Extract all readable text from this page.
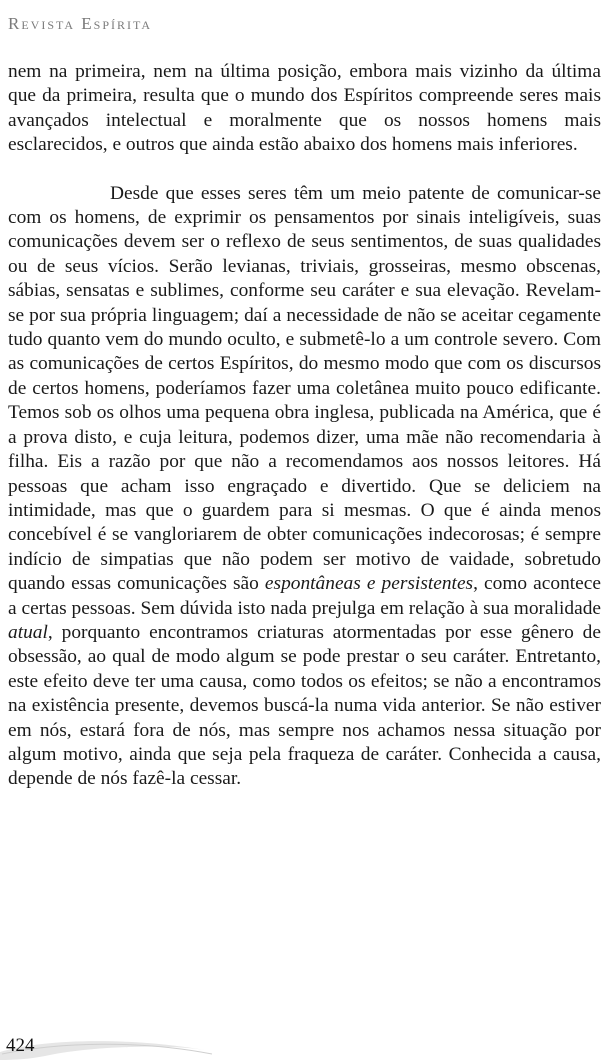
Revista Espírita

nem na primeira, nem na última posição, embora mais vizinho da última que da primeira, resulta que o mundo dos Espíritos compreende seres mais avançados intelectual e moralmente que os nossos homens mais esclarecidos, e outros que ainda estão abaixo dos homens mais inferiores.

Desde que esses seres têm um meio patente de comunicar-se com os homens, de exprimir os pensamentos por sinais inteligíveis, suas comunicações devem ser o reflexo de seus sentimentos, de suas qualidades ou de seus vícios. Serão levianas, triviais, grosseiras, mesmo obscenas, sábias, sensatas e sublimes, conforme seu caráter e sua elevação. Revelam-se por sua própria linguagem; daí a necessidade de não se aceitar cegamente tudo quanto vem do mundo oculto, e submetê-lo a um controle severo. Com as comunicações de certos Espíritos, do mesmo modo que com os discursos de certos homens, poderíamos fazer uma coletânea muito pouco edificante. Temos sob os olhos uma pequena obra inglesa, publicada na América, que é a prova disto, e cuja leitura, podemos dizer, uma mãe não recomendaria à filha. Eis a razão por que não a recomendamos aos nossos leitores. Há pessoas que acham isso engraçado e divertido. Que se deliciem na intimidade, mas que o guardem para si mesmas. O que é ainda menos concebível é se vangloriarem de obter comunicações indecorosas; é sempre indício de simpatias que não podem ser motivo de vaidade, sobretudo quando essas comunicações são espontâneas e persistentes, como acontece a certas pessoas. Sem dúvida isto nada prejulga em relação à sua moralidade atual, porquanto encontramos criaturas atormentadas por esse gênero de obsessão, ao qual de modo algum se pode prestar o seu caráter. Entretanto, este efeito deve ter uma causa, como todos os efeitos; se não a encontramos na existência presente, devemos buscá-la numa vida anterior. Se não estiver em nós, estará fora de nós, mas sempre nos achamos nessa situação por algum motivo, ainda que seja pela fraqueza de caráter. Conhecida a causa, depende de nós fazê-la cessar.

424
